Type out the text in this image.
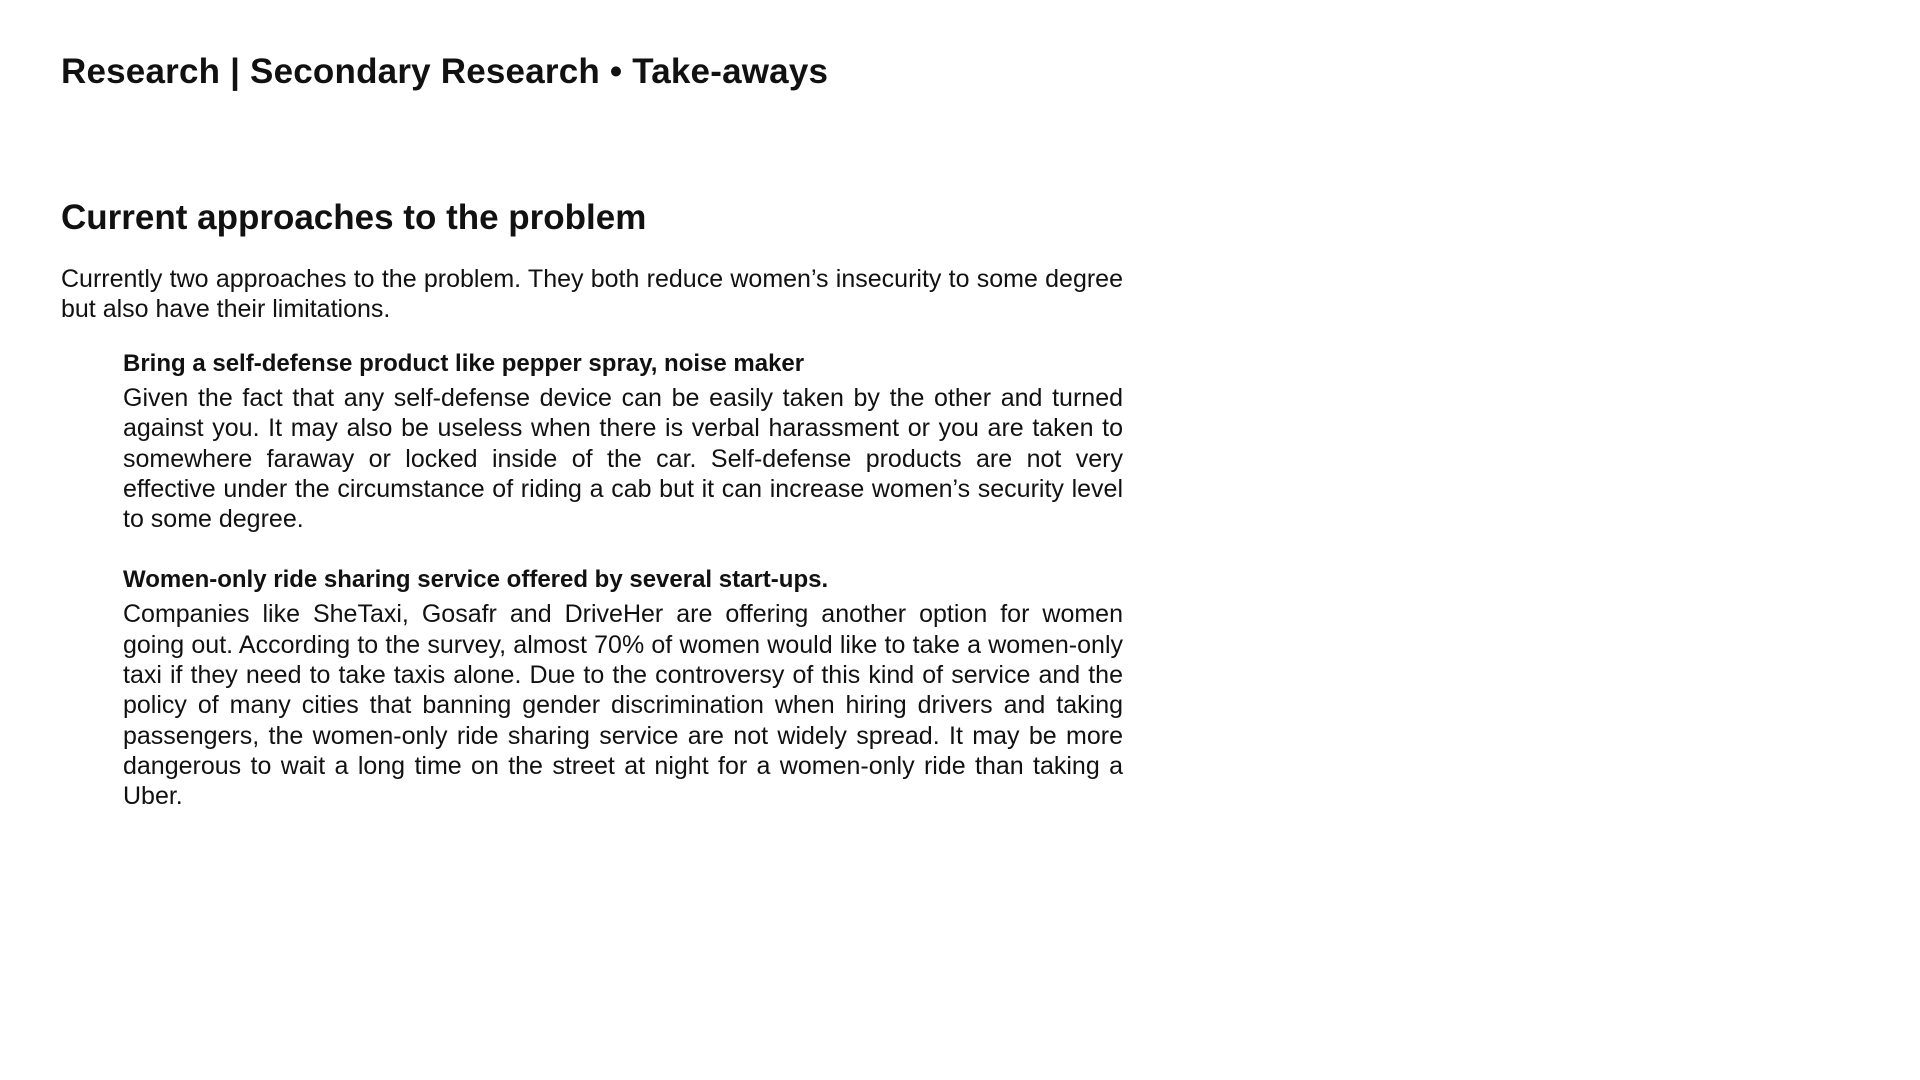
Research | Secondary Research • Take-aways
Current approaches to the problem

Currently two approaches to the problem. They both reduce women’s insecurity to some degree but also have their limitations.

Bring a self-defense product like pepper spray, noise maker

Given the fact that any self-defense device can be easily taken by the other and turned against you. It may also be useless when there is verbal harassment or you are taken to somewhere faraway or locked inside of the car. Self-defense products are not very effective under the circumstance of riding a cab but it can increase women’s security level to some degree.

Women-only ride sharing service offered by several start-ups.

Companies like SheTaxi, Gosafr and DriveHer are offering another option for women going out. According to the survey, almost 70% of women would like to take a women-only taxi if they need to take taxis alone. Due to the controversy of this kind of service and the policy of many cities that banning gender discrimination when hiring drivers and taking passengers, the women-only ride sharing service are not widely spread. It may be more dangerous to wait a long time on the street at night for a women-only ride than taking a Uber.
